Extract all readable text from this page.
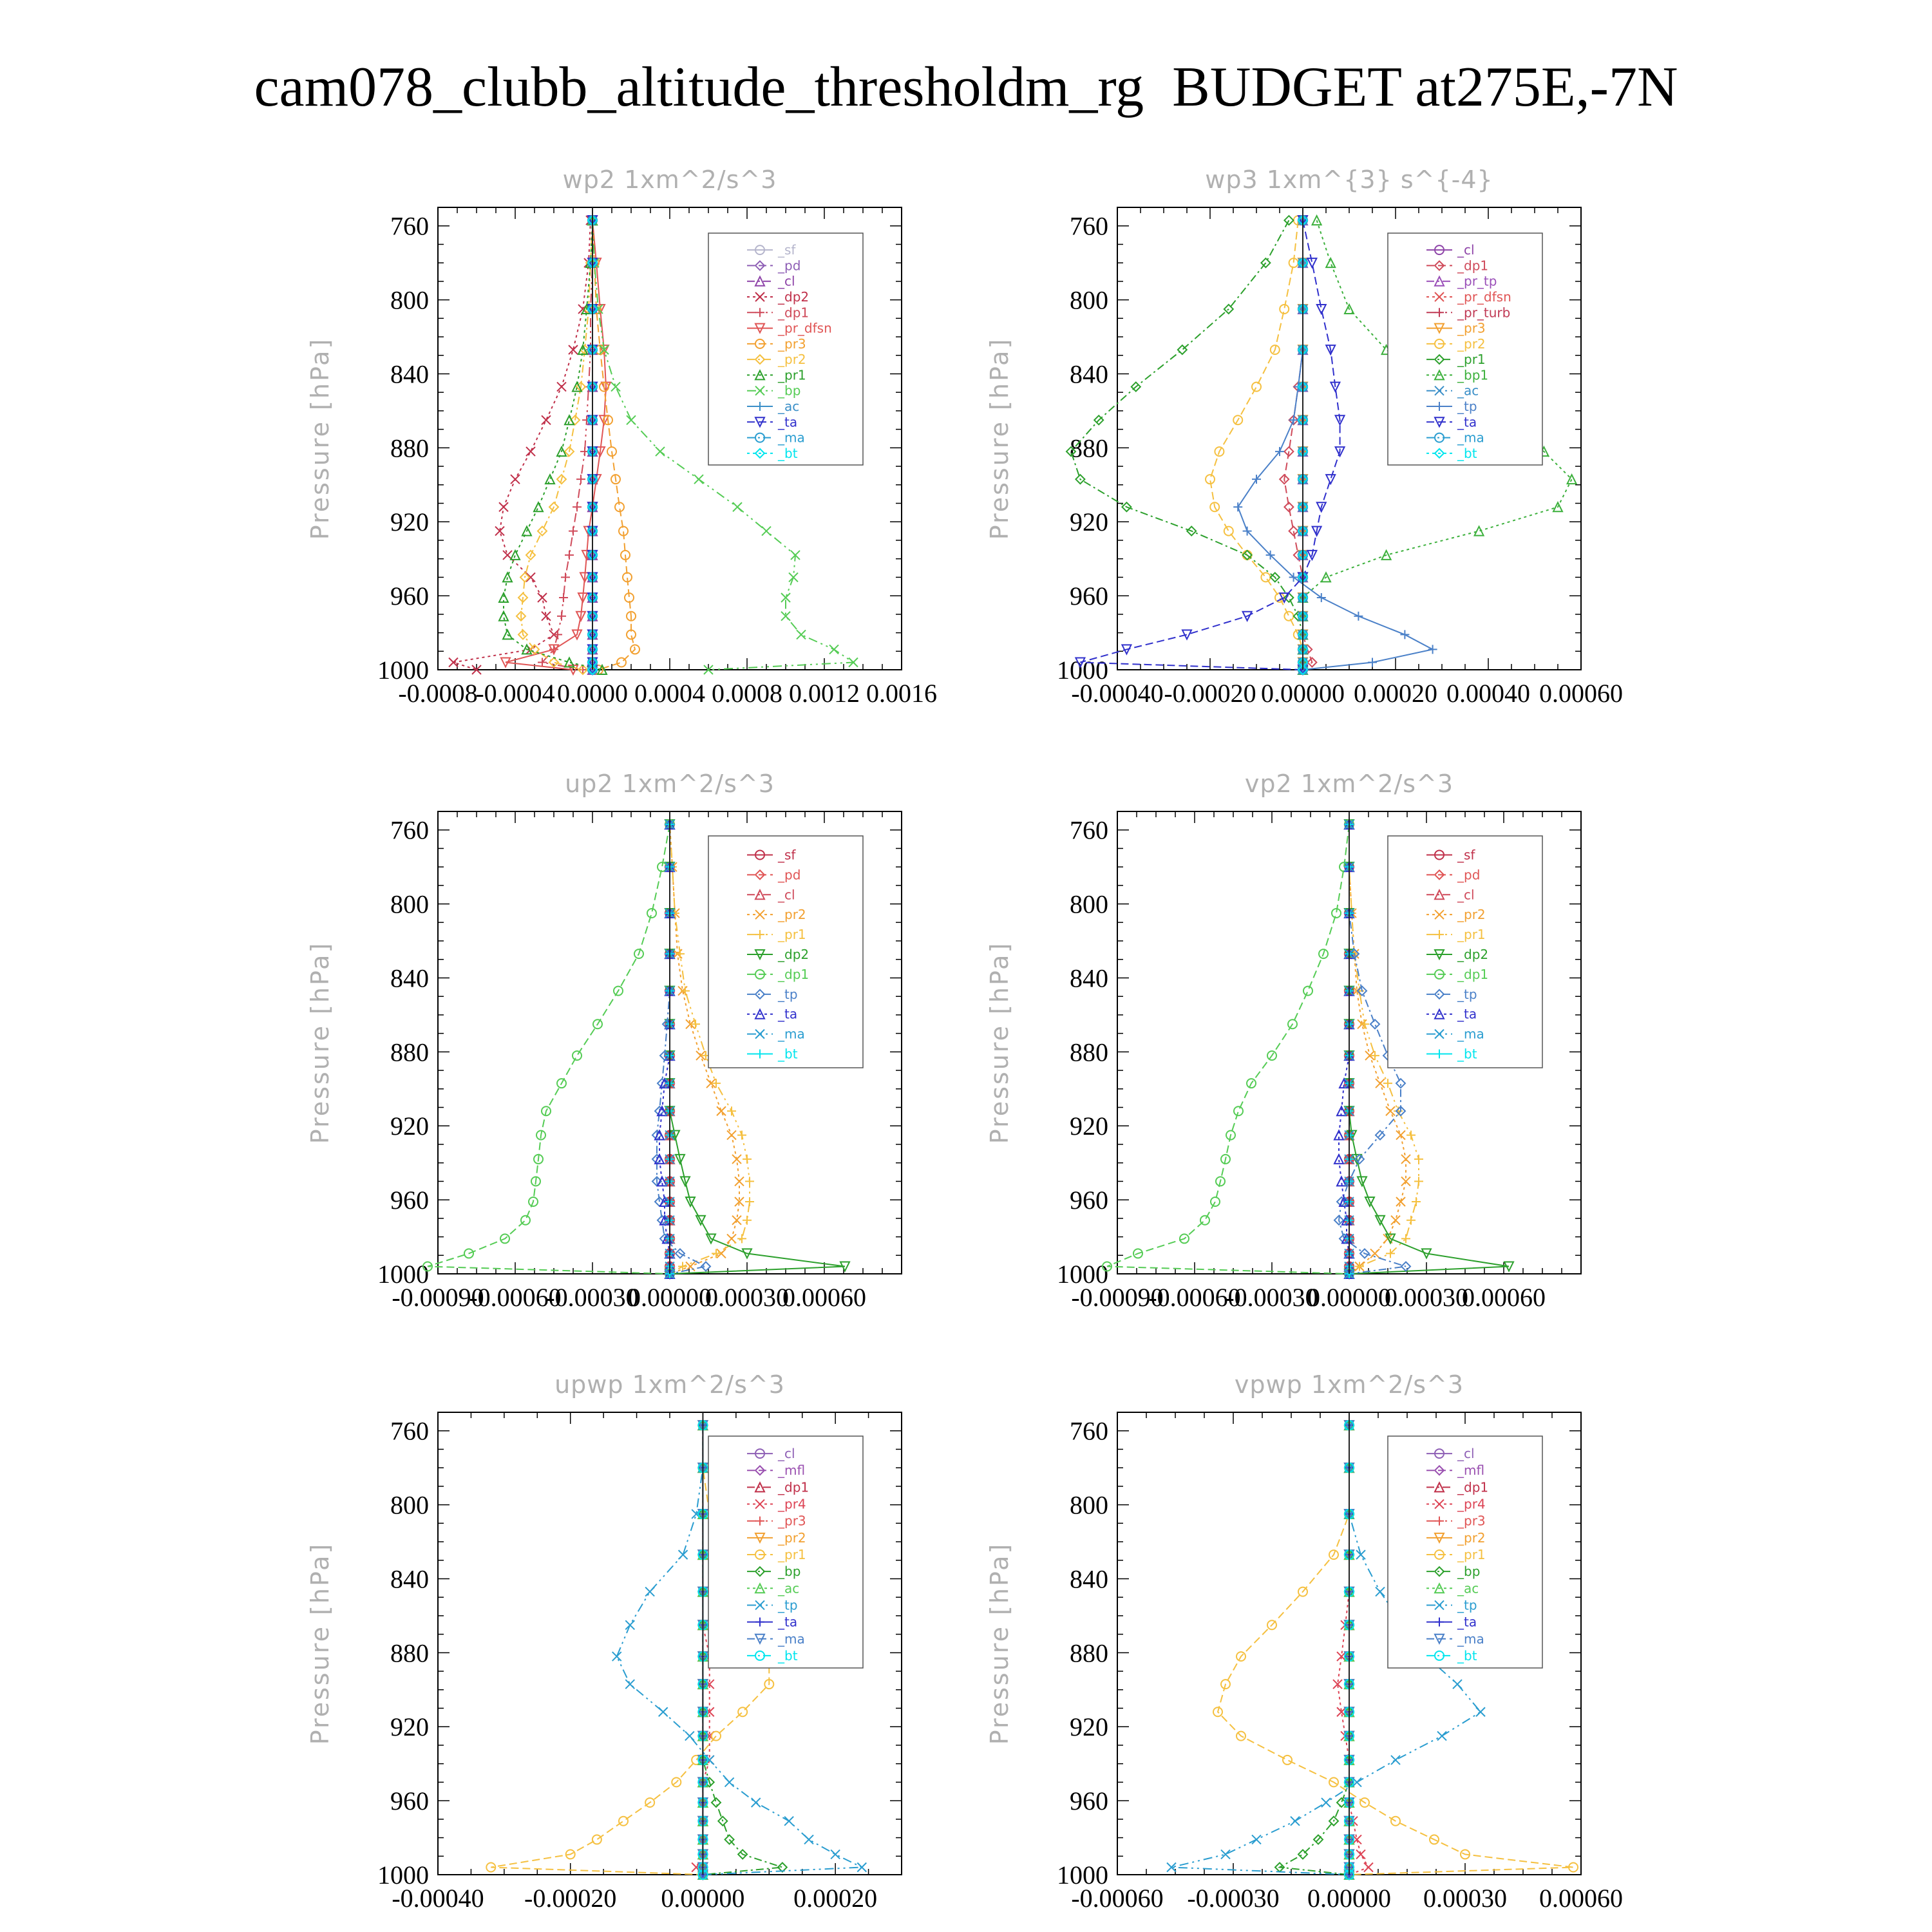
cam078_clubb_altitude_thresholdm_rg  BUDGET at275E,-7N
wp2 1xm^2/s^3
Pressure [hPa]
760
800
840
880
920
960
1000
-0.0008
-0.0004 0.0000 0.0004 0.0008 0.0012 0.0016
_sf
_pd
_cl
_dp2
_dp1
_pr_dfsn
_pr3
_pr2
_pr1
_bp
_ac
_ta
_ma
_bt
wp3 1xm^{3} s^{-4}
Pressure [hPa]
760
800
840
880
920
960
1000
-0.00040 -0.00020 0.00000 0.00020 0.00040 0.00060
_cl
_dp1
_pr_tp
_pr_dfsn
_pr_turb
_pr3
_pr2
_pr1
_bp1
_ac
_tp
_ta
_ma
_bt
up2 1xm^2/s^3
Pressure [hPa]
760
800
840
880
920
960
1000
-0.00090
-0.00060
-0.00030
0.00000
0.00030
0.00060
_sf
_pd
_cl
_pr2
_pr1
_dp2
_dp1
_tp
_ta
_ma
_bt
vp2 1xm^2/s^3
Pressure [hPa]
760
800
840
880
920
960
1000
-0.00090
-0.00060
-0.00030
0.00000
0.00030
0.00060
_sf
_pd
_cl
_pr2
_pr1
_dp2
_dp1
_tp
_ta
_ma
_bt
upwp 1xm^2/s^3
Pressure [hPa]
760
800
840
880
920
960
1000
-0.00040 -0.00020 0.00000 0.00020
_cl
_mfl
_dp1
_pr4
_pr3
_pr2
_pr1
_bp
_ac
_tp
_ta
_ma
_bt
vpwp 1xm^2/s^3
Pressure [hPa]
760
800
840
880
920
960
1000
-0.00060 -0.00030 0.00000 0.00030 0.00060
_cl
_mfl
_dp1
_pr4
_pr3
_pr2
_pr1
_bp
_ac
_tp
_ta
_ma
_bt
